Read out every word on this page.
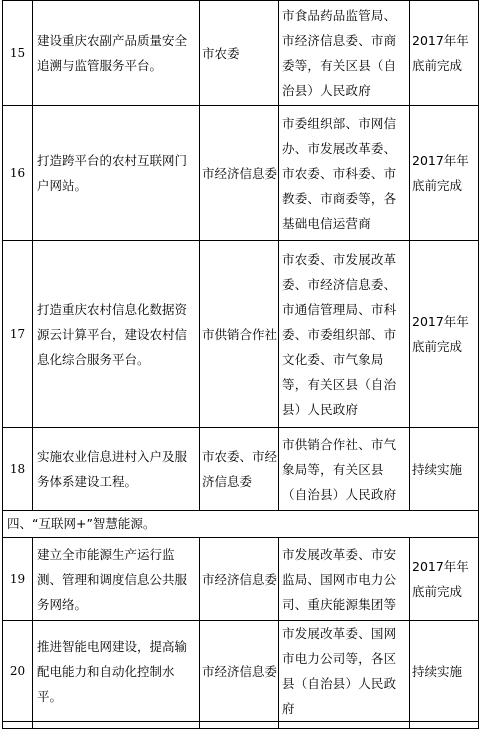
15	建设重庆农副产品质量安全追溯与监管服务平台。	市农委	市食品药品监管局、市经济信息委、市商委等，有关区县（自治县）人民政府	2017年年底前完成
16	打造跨平台的农村互联网门户网站。	市经济信息委	市委组织部、市网信办、市发展改革委、市农委、市科委、市教委、市商委等，各基础电信运营商	2017年年底前完成
17	打造重庆农村信息化数据资源云计算平台，建设农村信息化综合服务平台。	市供销合作社	市农委、市发展改革委、市经济信息委、市通信管理局、市科委、市委组织部、市文化委、市气象局等，有关区县（自治县）人民政府	2017年年底前完成
18	实施农业信息进村入户及服务体系建设工程。	市农委、市经济信息委	市供销合作社、市气象局等，有关区县（自治县）人民政府	持续实施
四、“互联网+”智慧能源。				
19	建立全市能源生产运行监测、管理和调度信息公共服务网络。	市经济信息委	市发展改革委、市安监局、国网市电力公司、重庆能源集团等	2017年年底前完成
20	推进智能电网建设，提高输配电能力和自动化控制水平。	市经济信息委	市发展改革委、国网市电力公司等，各区县（自治县）人民政府	持续实施
